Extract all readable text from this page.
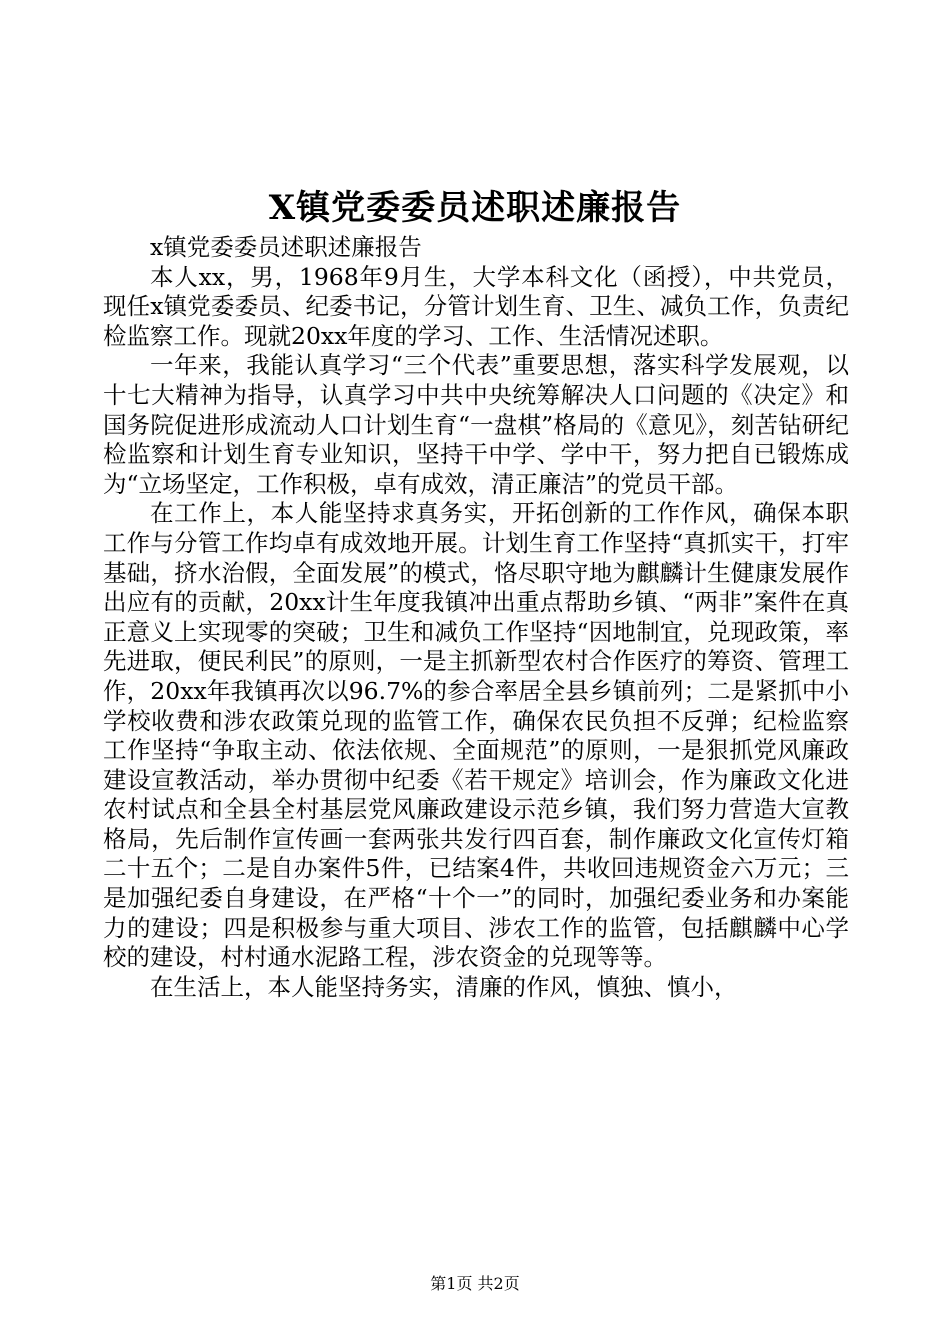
X镇党委委员述职述廉报告

x镇党委委员述职述廉报告

本人xx，男，1968年9月生，大学本科文化（函授），中共党员，现任x镇党委委员、纪委书记，分管计划生育、卫生、减负工作，负责纪检监察工作。现就20xx年度的学习、工作、生活情况述职。

一年来，我能认真学习“三个代表”重要思想，落实科学发展观，以十七大精神为指导，认真学习中共中央统筹解决人口问题的《决定》和国务院促进形成流动人口计划生育“一盘棋”格局的《意见》，刻苦钻研纪检监察和计划生育专业知识，坚持干中学、学中干，努力把自已锻炼成为“立场坚定，工作积极，卓有成效，清正廉洁”的党员干部。

在工作上，本人能坚持求真务实，开拓创新的工作作风，确保本职工作与分管工作均卓有成效地开展。计划生育工作坚持“真抓实干，打牢基础，挤水治假，全面发展”的模式，恪尽职守地为麒麟计生健康发展作出应有的贡献，20xx计生年度我镇冲出重点帮助乡镇、“两非”案件在真正意义上实现零的突破；卫生和减负工作坚持“因地制宜，兑现政策，率先进取，便民利民”的原则，一是主抓新型农村合作医疗的筹资、管理工作，20xx年我镇再次以96.7%的参合率居全县乡镇前列；二是紧抓中小学校收费和涉农政策兑现的监管工作，确保农民负担不反弹；纪检监察工作坚持“争取主动、依法依规、全面规范”的原则，一是狠抓党风廉政建设宣教活动，举办贯彻中纪委《若干规定》培训会，作为廉政文化进农村试点和全县全村基层党风廉政建设示范乡镇，我们努力营造大宣教格局，先后制作宣传画一套两张共发行四百套，制作廉政文化宣传灯箱二十五个；二是自办案件5件，已结案4件，共收回违规资金六万元；三是加强纪委自身建设，在严格“十个一”的同时，加强纪委业务和办案能力的建设；四是积极参与重大项目、涉农工作的监管，包括麒麟中心学校的建设，村村通水泥路工程，涉农资金的兑现等等。

在生活上，本人能坚持务实，清廉的作风，慎独、慎小，

第1页 共2页
